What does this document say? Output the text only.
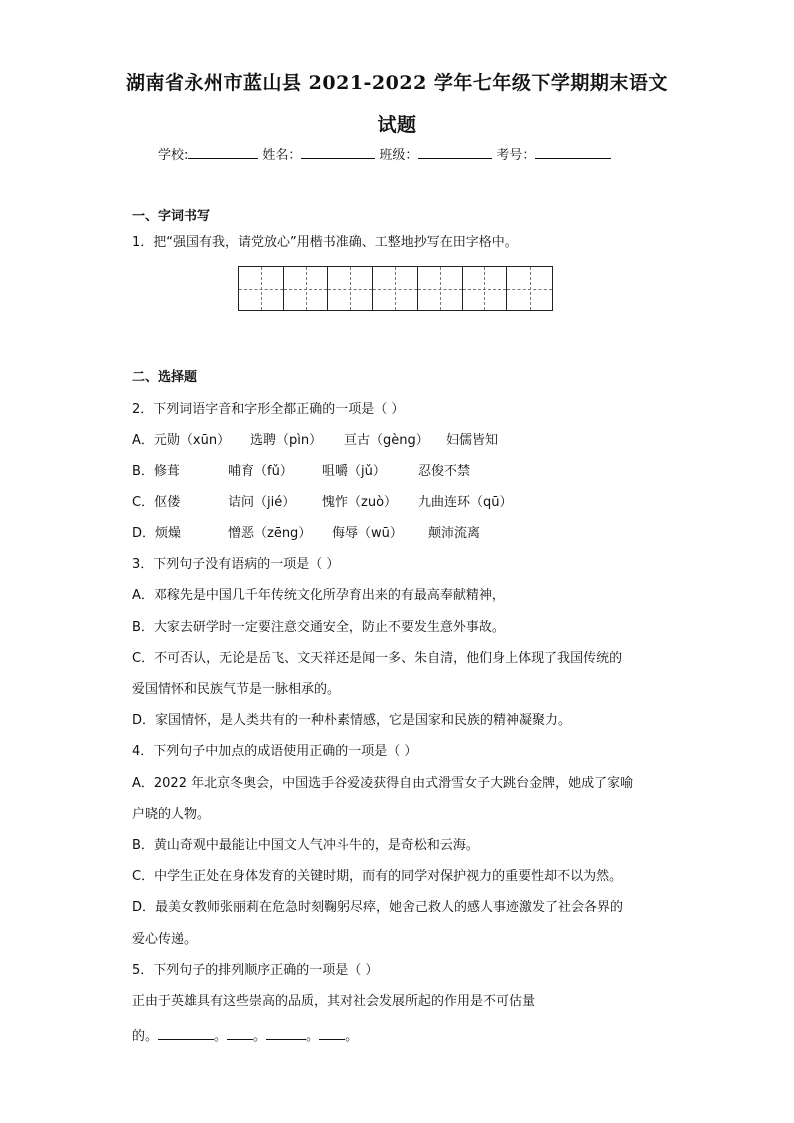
湖南省永州市蓝山县 2021-2022 学年七年级下学期期末语文
试题
学校:	姓名：	班级：	考号：
一、字词书写
1．把“强国有我，请党放心”用楷书准确、工整地抄写在田字格中。
二、选择题
2．下列词语字音和字形全都正确的一项是（ ）
A．元勋（xūn） 选聘（pìn） 亘古（gèng） 妇儒皆知
B．修葺	哺育（fǔ） 咀嚼（jǔ） 忍俊不禁
C．伛偻	诘问（jié） 愧怍（zuò） 九曲连环（qū）
D．烦燥	憎恶（zēng） 侮辱（wū） 颠沛流离
3．下列句子没有语病的一项是（ ）
A．邓稼先是中国几千年传统文化所孕育出来的有最高奉献精神，
B．大家去研学时一定要注意交通安全，防止不要发生意外事故。
C．不可否认，无论是岳飞、文天祥还是闻一多、朱自清，他们身上体现了我国传统的
爱国情怀和民族气节是一脉相承的。
D．家国情怀，是人类共有的一种朴素情感，它是国家和民族的精神凝聚力。
4．下列句子中加点的成语使用正确的一项是（ ）
A．2022 年北京冬奥会，中国选手谷爱凌获得自由式滑雪女子大跳台金牌，她成了家喻
户晓的人物。
B．黄山奇观中最能让中国文人气冲斗牛的，是奇松和云海。
C．中学生正处在身体发育的关键时期，而有的同学对保护视力的重要性却不以为然。
D．最美女教师张丽莉在危急时刻鞠躬尽瘁，她舍己救人的感人事迹激发了社会各界的
爱心传递。
5．下列句子的排列顺序正确的一项是（ ）
正由于英雄具有这些崇高的品质，其对社会发展所起的作用是不可估量
的。	。 。	。 。
